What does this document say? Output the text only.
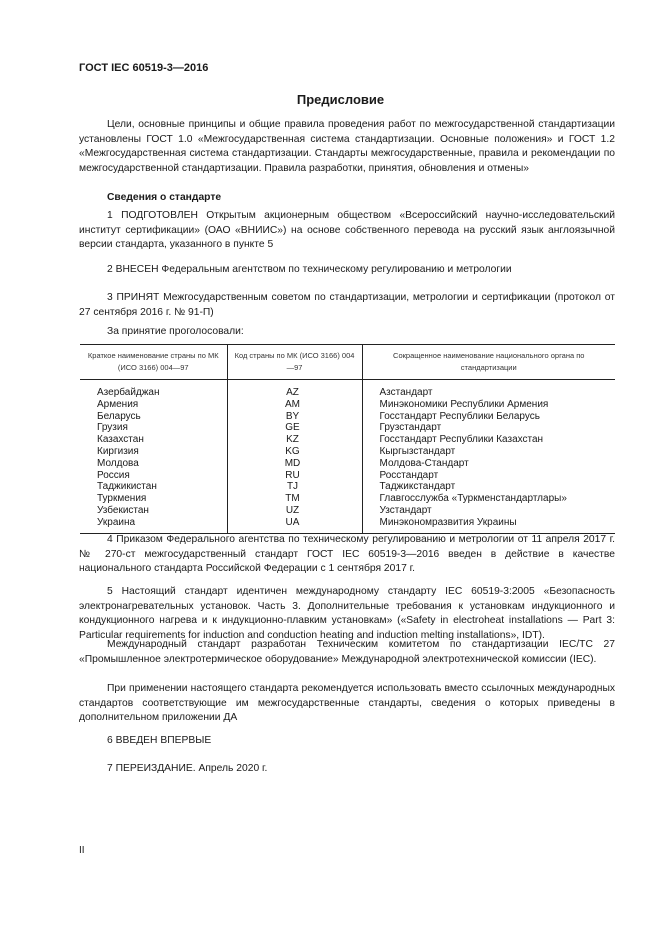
ГОСТ IEC 60519-3—2016
Предисловие

Цели, основные принципы и общие правила проведения работ по межгосударственной стандартизации установлены ГОСТ 1.0 «Межгосударственная система стандартизации. Основные положения» и ГОСТ 1.2 «Межгосударственная система стандартизации. Стандарты межгосударственные, правила и рекомендации по межгосударственной стандартизации. Правила разработки, принятия, обновления и отмены»

Сведения о стандарте

1 ПОДГОТОВЛЕН Открытым акционерным обществом «Всероссийский научно-исследовательский институт сертификации» (ОАО «ВНИИС») на основе собственного перевода на русский язык англоязычной версии стандарта, указанного в пункте 5

2 ВНЕСЕН Федеральным агентством по техническому регулированию и метрологии

3 ПРИНЯТ Межгосударственным советом по стандартизации, метрологии и сертификации (протокол от 27 сентября 2016 г. № 91-П)

За принятие проголосовали:

Краткое наименование страны по МК (ИСО 3166) 004—97	Код страны по МК (ИСО 3166) 004—97	Сокращенное наименование национального органа по стандартизации
Азербайджан	AZ	Азстандарт
Армения	AM	Минэкономики Республики Армения
Беларусь	BY	Госстандарт Республики Беларусь
Грузия	GE	Грузстандарт
Казахстан	KZ	Госстандарт Республики Казахстан
Киргизия	KG	Кыргызстандарт
Молдова	MD	Молдова-Стандарт
Россия	RU	Росстандарт
Таджикистан	TJ	Таджикстандарт
Туркмения	TM	Главгосслужба «Туркменстандартлары»
Узбекистан	UZ	Узстандарт
Украина	UA	Минэкономразвития Украины

4 Приказом Федерального агентства по техническому регулированию и метрологии от 11 апреля 2017 г. № 270-ст межгосударственный стандарт ГОСТ IEC 60519-3—2016 введен в действие в качестве национального стандарта Российской Федерации с 1 сентября 2017 г.

5 Настоящий стандарт идентичен международному стандарту IEC 60519-3:2005 «Безопасность электронагревательных установок. Часть 3. Дополнительные требования к установкам индукционного и кондукционного нагрева и к индукционно-плавким установкам» («Safety in electroheat installations — Part 3: Particular requirements for induction and conduction heating and induction melting installations», IDT).

Международный стандарт разработан Техническим комитетом по стандартизации IEC/TC 27 «Промышленное электротермическое оборудование» Международной электротехнической комиссии (IEC).

При применении настоящего стандарта рекомендуется использовать вместо ссылочных международных стандартов соответствующие им межгосударственные стандарты, сведения о которых приведены в дополнительном приложении ДА

6 ВВЕДЕН ВПЕРВЫЕ

7 ПЕРЕИЗДАНИЕ. Апрель 2020 г.

II
